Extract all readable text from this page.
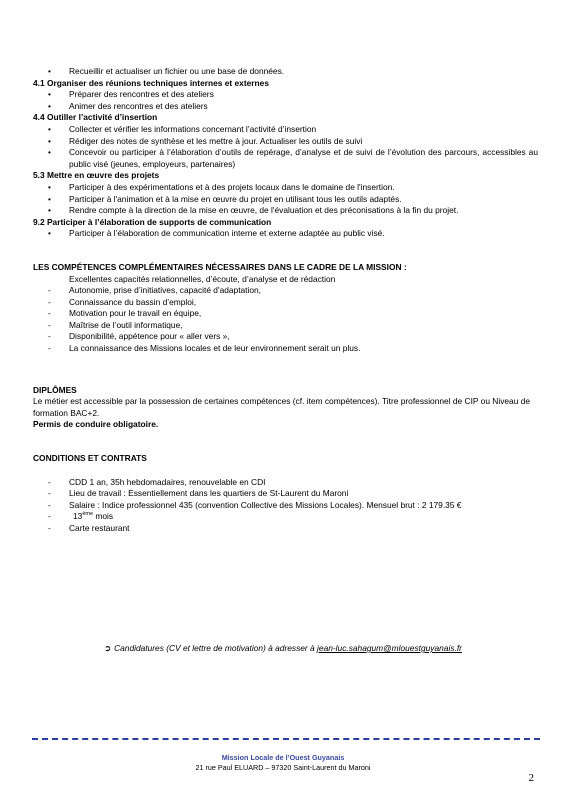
• Recueillir et actualiser un fichier ou une base de données.
4.1 Organiser des réunions techniques internes et externes
• Préparer des rencontres et des ateliers
• Animer des rencontres et des ateliers
4.4 Outiller l’activité d’insertion
• Collecter et vérifier les informations concernant l’activité d’insertion
• Rédiger des notes de synthèse et les mettre à jour. Actualiser les outils de suivi
• Concevoir ou participer à l’élaboration d’outils de repérage, d’analyse et de suivi de l’évolution des parcours, accessibles au public visé (jeunes, employeurs, partenaires)
5.3 Mettre en œuvre des projets
• Participer à des expérimentations et à des projets locaux dans le domaine de l'insertion.
• Participer à l'animation et à la mise en œuvre du projet en utilisant tous les outils adaptés.
• Rendre compte à la direction de la mise en œuvre, de l'évaluation et des préconisations à la fin du projet.
9.2 Participer à l’élaboration de supports de communication
• Participer à l’élaboration de communication interne et externe adaptée au public visé.
LES COMPÉTENCES COMPLÉMENTAIRES NÉCESSAIRES DANS LE CADRE DE LA MISSION :
Excellentes capacités relationnelles, d’écoute, d’analyse et de rédaction
- Autonomie, prise d’initiatives, capacité d'adaptation,
- Connaissance du bassin d’emploi,
- Motivation pour le travail en équipe,
- Maîtrise de l’outil informatique,
- Disponibilité, appétence pour « aller vers »,
- La connaissance des Missions locales et de leur environnement serait un plus.
DIPLÔMES
Le métier est accessible par la possession de certaines compétences (cf. item compétences). Titre professionnel de CIP ou Niveau de formation BAC+2.
Permis de conduire obligatoire.
CONDITIONS ET CONTRATS
- CDD 1 an, 35h hebdomadaires, renouvelable en CDI
- Lieu de travail : Essentiellement dans les quartiers de St-Laurent du Maroni
- Salaire : Indice professionnel 435 (convention Collective des Missions Locales). Mensuel brut : 2 179.35 €
- 13ème mois
- Carte restaurant
➲ Candidatures (CV et lettre de motivation) à adresser à jean-luc.sahagum@mlouestguyanais.fr
Mission Locale de l’Ouest Guyanais
21 rue Paul ELUARD – 97320 Saint-Laurent du Maroni
2
